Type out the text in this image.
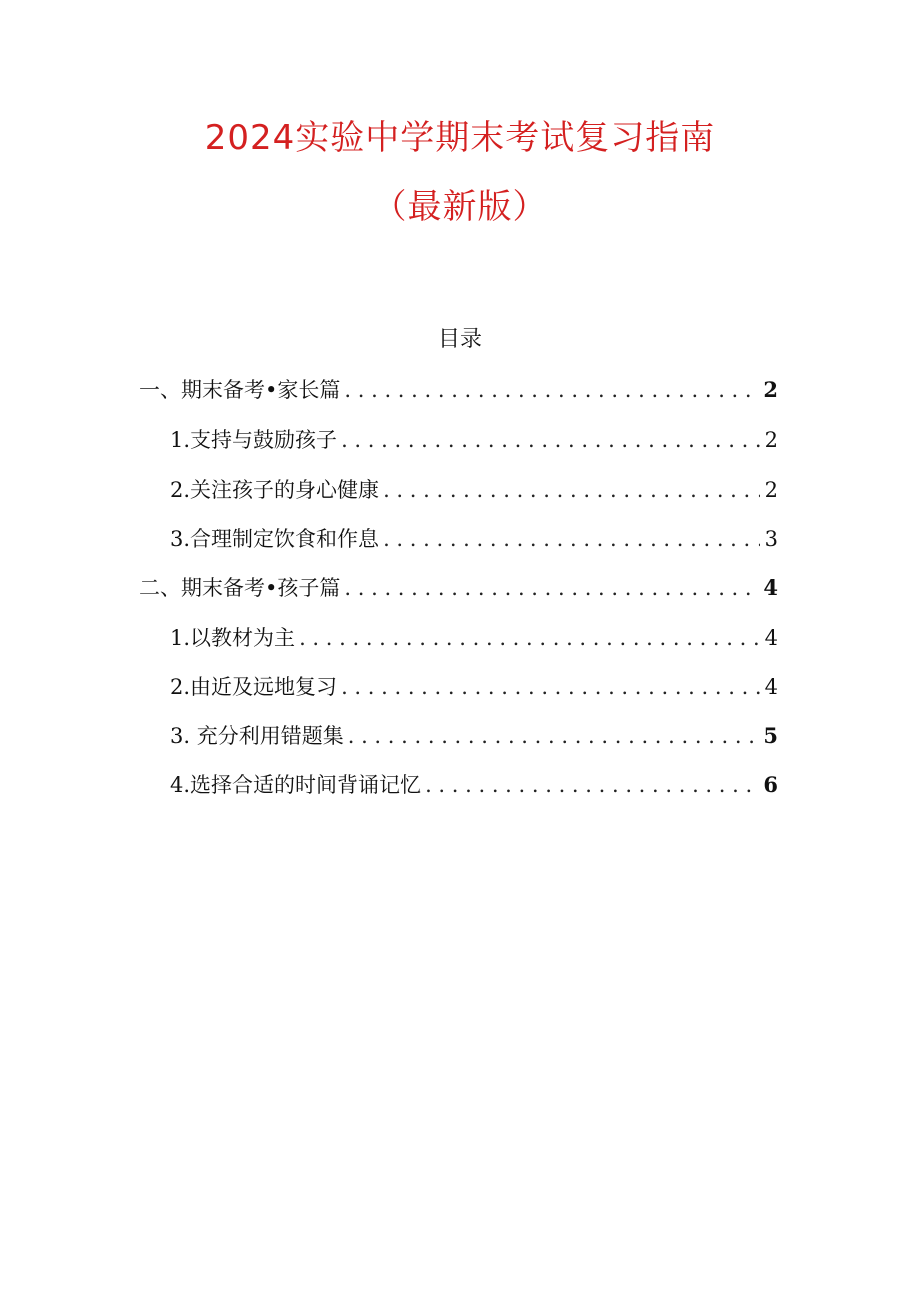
2024实验中学期末考试复习指南
（最新版）
目录
一、期末备考•家长篇 . . .	2
1 .支持与鼓励孩子 . . .	2
2 .关注孩子的身心健康 . . .	2
3 .合理制定饮食和作息 . . .	3
二、期末备考•孩子篇 . . .	4
1 .以教材为主 . . .	4
2 .由近及远地复习 . . .	4
3 . 充分利用错题集 . . .	5
4 .选择合适的时间背诵记忆 . . .	6
